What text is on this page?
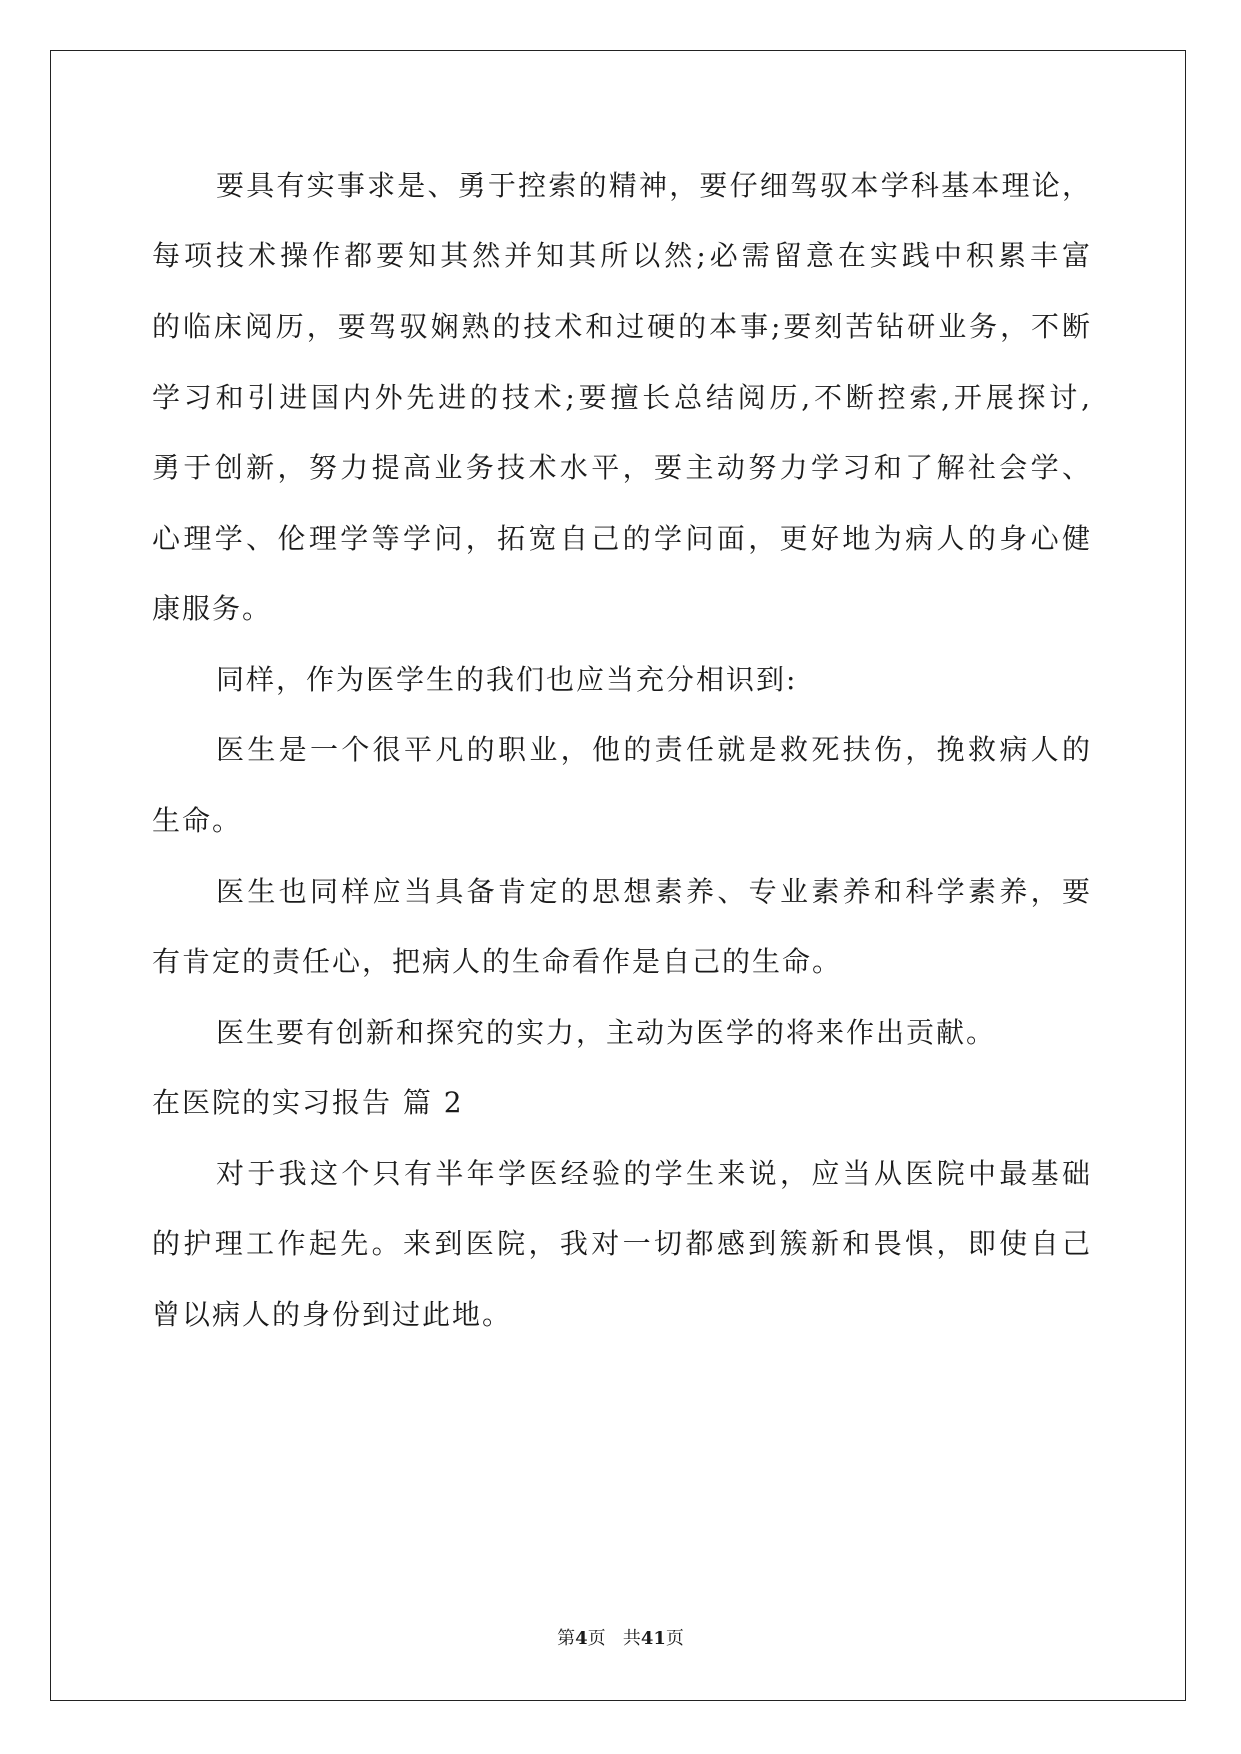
要具有实事求是、勇于控索的精神，要仔细驾驭本学科基本理论，
每项技术操作都要知其然并知其所以然;必需留意在实践中积累丰富
的临床阅历，要驾驭娴熟的技术和过硬的本事;要刻苦钻研业务，不断
学习和引进国内外先进的技术;要擅长总结阅历,不断控索,开展探讨,
勇于创新，努力提高业务技术水平，要主动努力学习和了解社会学、
心理学、伦理学等学问，拓宽自己的学问面，更好地为病人的身心健
康服务。
同样，作为医学生的我们也应当充分相识到:
医生是一个很平凡的职业，他的责任就是救死扶伤，挽救病人的
生命。
医生也同样应当具备肯定的思想素养、专业素养和科学素养，要
有肯定的责任心，把病人的生命看作是自己的生命。
医生要有创新和探究的实力，主动为医学的将来作出贡献。
在医院的实习报告 篇 2
对于我这个只有半年学医经验的学生来说，应当从医院中最基础
的护理工作起先。来到医院，我对一切都感到簇新和畏惧，即使自己
曾以病人的身份到过此地。
第4页 共41页
